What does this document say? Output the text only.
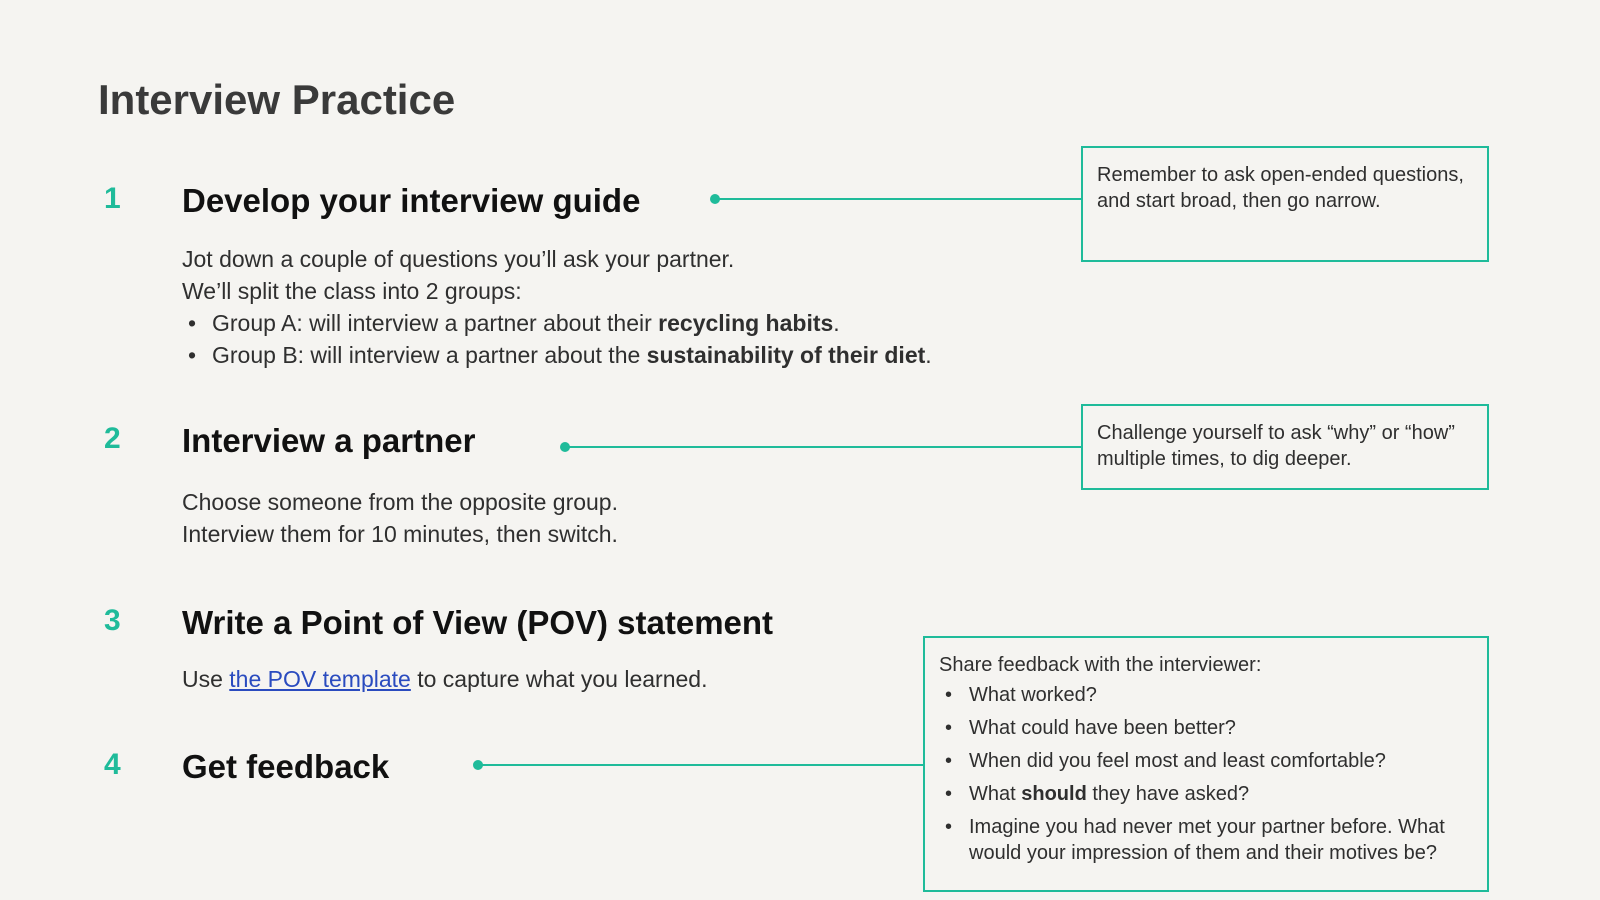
Interview Practice
1 Develop your interview guide
Jot down a couple of questions you’ll ask your partner.
We’ll split the class into 2 groups:
• Group A: will interview a partner about their recycling habits.
• Group B: will interview a partner about the sustainability of their diet.
Remember to ask open-ended questions, and start broad, then go narrow.
2 Interview a partner
Choose someone from the opposite group.
Interview them for 10 minutes, then switch.
Challenge yourself to ask “why” or “how” multiple times, to dig deeper.
3 Write a Point of View (POV) statement
Use the POV template to capture what you learned.
4 Get feedback
Share feedback with the interviewer:
• What worked?
• What could have been better?
• When did you feel most and least comfortable?
• What should they have asked?
• Imagine you had never met your partner before. What would your impression of them and their motives be?
